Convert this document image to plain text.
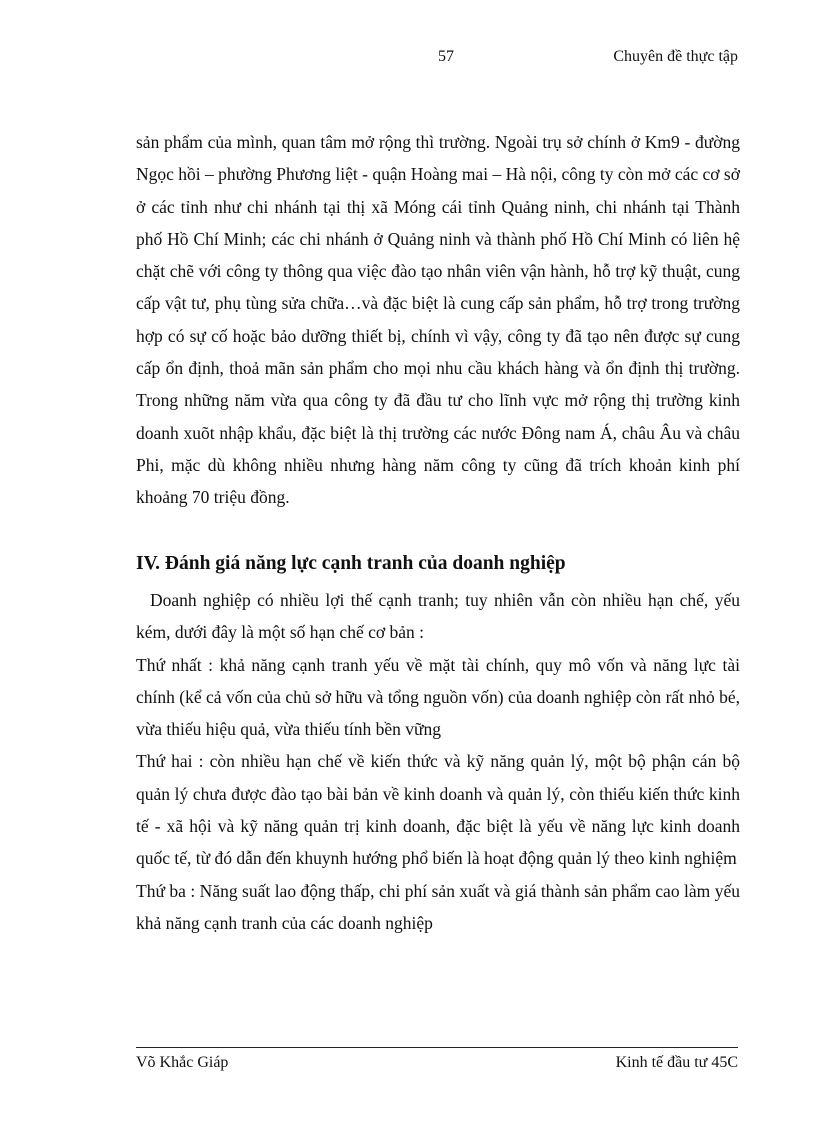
57	Chuyên đề thực tập

sản phẩm của mình, quan tâm mở rộng thì trường. Ngoài trụ sở chính ở Km9 - đường Ngọc hồi – phường Phương liệt - quận Hoàng mai – Hà nội, công ty còn mở các cơ sở ở các tỉnh như chi nhánh tại thị xã Móng cái tỉnh Quảng ninh, chi nhánh tại Thành phố Hồ Chí Minh; các chi nhánh ở Quảng ninh và thành phố Hồ Chí Minh có liên hệ chặt chẽ với công ty thông qua việc đào tạo nhân viên vận hành, hỗ trợ kỹ thuật, cung cấp vật tư, phụ tùng sửa chữa…và đặc biệt là cung cấp sản phẩm, hỗ trợ trong trường hợp có sự cố hoặc bảo dưỡng thiết bị, chính vì vậy, công ty đã tạo nên được sự cung cấp ổn định, thoả mãn sản phẩm cho mọi nhu cầu khách hàng và ổn định thị trường. Trong những năm vừa qua công ty đã đầu tư cho lĩnh vực mở rộng thị trường kinh doanh xuõt nhập khẩu, đặc biệt là thị trường các nước Đông nam Á, châu Âu và châu Phi, mặc dù không nhiều nhưng hàng năm công ty cũng đã trích khoản kinh phí khoảng 70 triệu đồng.

IV. Đánh giá năng lực cạnh tranh của doanh nghiệp

Doanh nghiệp có nhiều lợi thế cạnh tranh; tuy nhiên vẫn còn nhiều hạn chế, yếu kém, dưới đây là một số hạn chế cơ bản :

Thứ nhất : khả năng cạnh tranh yếu về mặt tài chính, quy mô vốn và năng lực tài chính (kể cả vốn của chủ sở hữu và tổng nguồn vốn) của doanh nghiệp còn rất nhỏ bé, vừa thiếu hiệu quả, vừa thiếu tính bền vững

Thứ hai : còn nhiều hạn chế về kiến thức và kỹ năng quản lý, một bộ phận cán bộ quản lý chưa được đào tạo bài bản về kinh doanh và quản lý, còn thiếu kiến thức kinh tế - xã hội và kỹ năng quản trị kinh doanh, đặc biệt là yếu về năng lực kinh doanh quốc tế, từ đó dẫn đến khuynh hướng phổ biến là hoạt động quản lý theo kinh nghiệm

Thứ ba : Năng suất lao động thấp, chi phí sản xuất và giá thành sản phẩm cao làm yếu khả năng cạnh tranh của các doanh nghiệp

Võ Khắc Giáp	Kinh tế đầu tư 45C
